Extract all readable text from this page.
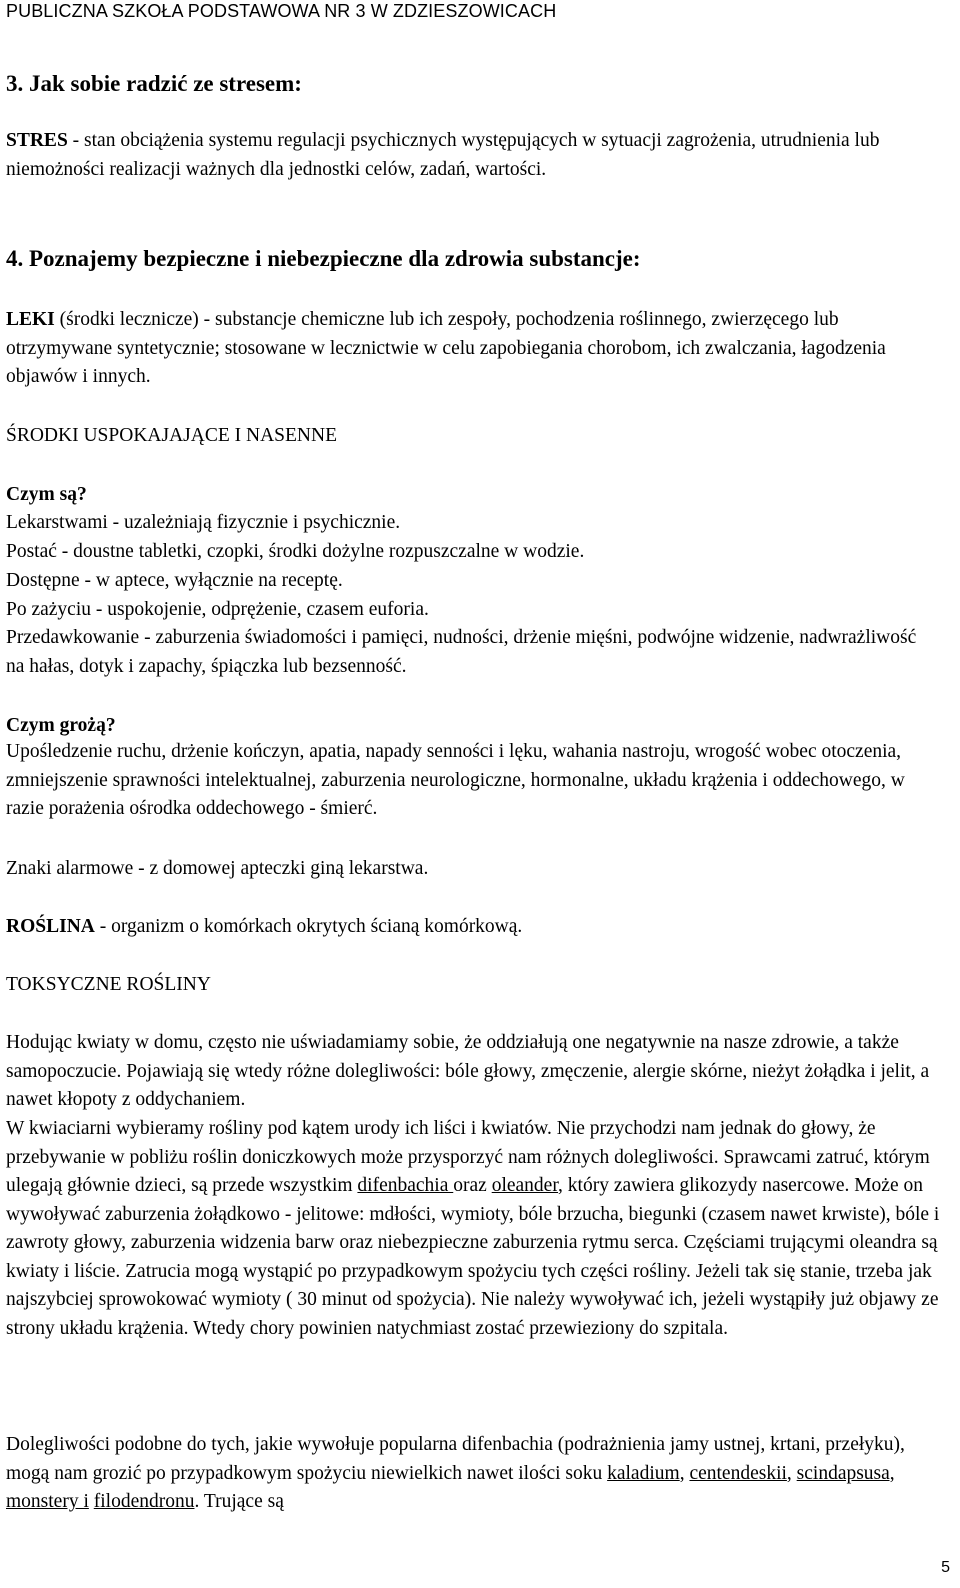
PUBLICZNA SZKOŁA PODSTAWOWA NR 3 W ZDZIESZOWICACH
3. Jak sobie radzić ze stresem:
STRES - stan obciążenia systemu regulacji psychicznych występujących w sytuacji zagrożenia, utrudnienia lub niemożności realizacji ważnych dla jednostki celów, zadań, wartości.
4. Poznajemy bezpieczne i niebezpieczne dla zdrowia substancje:
LEKI (środki lecznicze) - substancje chemiczne lub ich zespoły, pochodzenia roślinnego, zwierzęcego lub otrzymywane syntetycznie; stosowane w lecznictwie w celu zapobiegania chorobom, ich zwalczania, łagodzenia objawów i innych.
ŚRODKI USPOKAJAJĄCE I NASENNE
Czym są?
Lekarstwami - uzależniają fizycznie i psychicznie.
Postać - doustne tabletki, czopki, środki dożylne rozpuszczalne w wodzie.
Dostępne - w aptece, wyłącznie na receptę.
Po zażyciu - uspokojenie, odprężenie, czasem euforia.
Przedawkowanie - zaburzenia świadomości i pamięci, nudności, drżenie mięśni, podwójne widzenie, nadwrażliwość na hałas, dotyk i zapachy, śpiączka lub bezsenność.
Czym grożą?
Upośledzenie ruchu, drżenie kończyn, apatia, napady senności i lęku, wahania nastroju, wrogość wobec otoczenia, zmniejszenie sprawności intelektualnej, zaburzenia neurologiczne, hormonalne, układu krążenia i oddechowego, w razie porażenia ośrodka oddechowego - śmierć.
Znaki alarmowe - z domowej apteczki giną lekarstwa.
ROŚLINA - organizm o komórkach okrytych ścianą komórkową.
TOKSYCZNE ROŚLINY
Hodując kwiaty w domu, często nie uświadamiamy sobie, że oddziałują one negatywnie na nasze zdrowie, a także samopoczucie. Pojawiają się wtedy różne dolegliwości: bóle głowy, zmęczenie, alergie skórne, nieżyt żołądka i jelit, a nawet kłopoty z oddychaniem.
W kwiaciarni wybieramy rośliny pod kątem urody ich liści i kwiatów. Nie przychodzi nam jednak do głowy, że przebywanie w pobliżu roślin doniczkowych może przysporzyć nam różnych dolegliwości. Sprawcami zatruć, którym ulegają głównie dzieci, są przede wszystkim difenbachia oraz oleander, który zawiera glikozydy nasercowe. Może on wywoływać zaburzenia żołądkowo - jelitowe: mdłości, wymioty, bóle brzucha, biegunki (czasem nawet krwiste), bóle i zawroty głowy, zaburzenia widzenia barw oraz niebezpieczne zaburzenia rytmu serca. Częściami trującymi oleandra są kwiaty i liście. Zatrucia mogą wystąpić po przypadkowym spożyciu tych części rośliny. Jeżeli tak się stanie, trzeba jak najszybciej sprowokować wymioty ( 30 minut od spożycia). Nie należy wywoływać ich, jeżeli wystąpiły już objawy ze strony układu krążenia. Wtedy chory powinien natychmiast zostać przewieziony do szpitala.
Dolegliwości podobne do tych, jakie wywołuje popularna difenbachia (podrażnienia jamy ustnej, krtani, przełyku), mogą nam grozić po przypadkowym spożyciu niewielkich nawet ilości soku kaladium, centendeskii, scindapsusa, monstery i filodendronu. Trujące są
5
